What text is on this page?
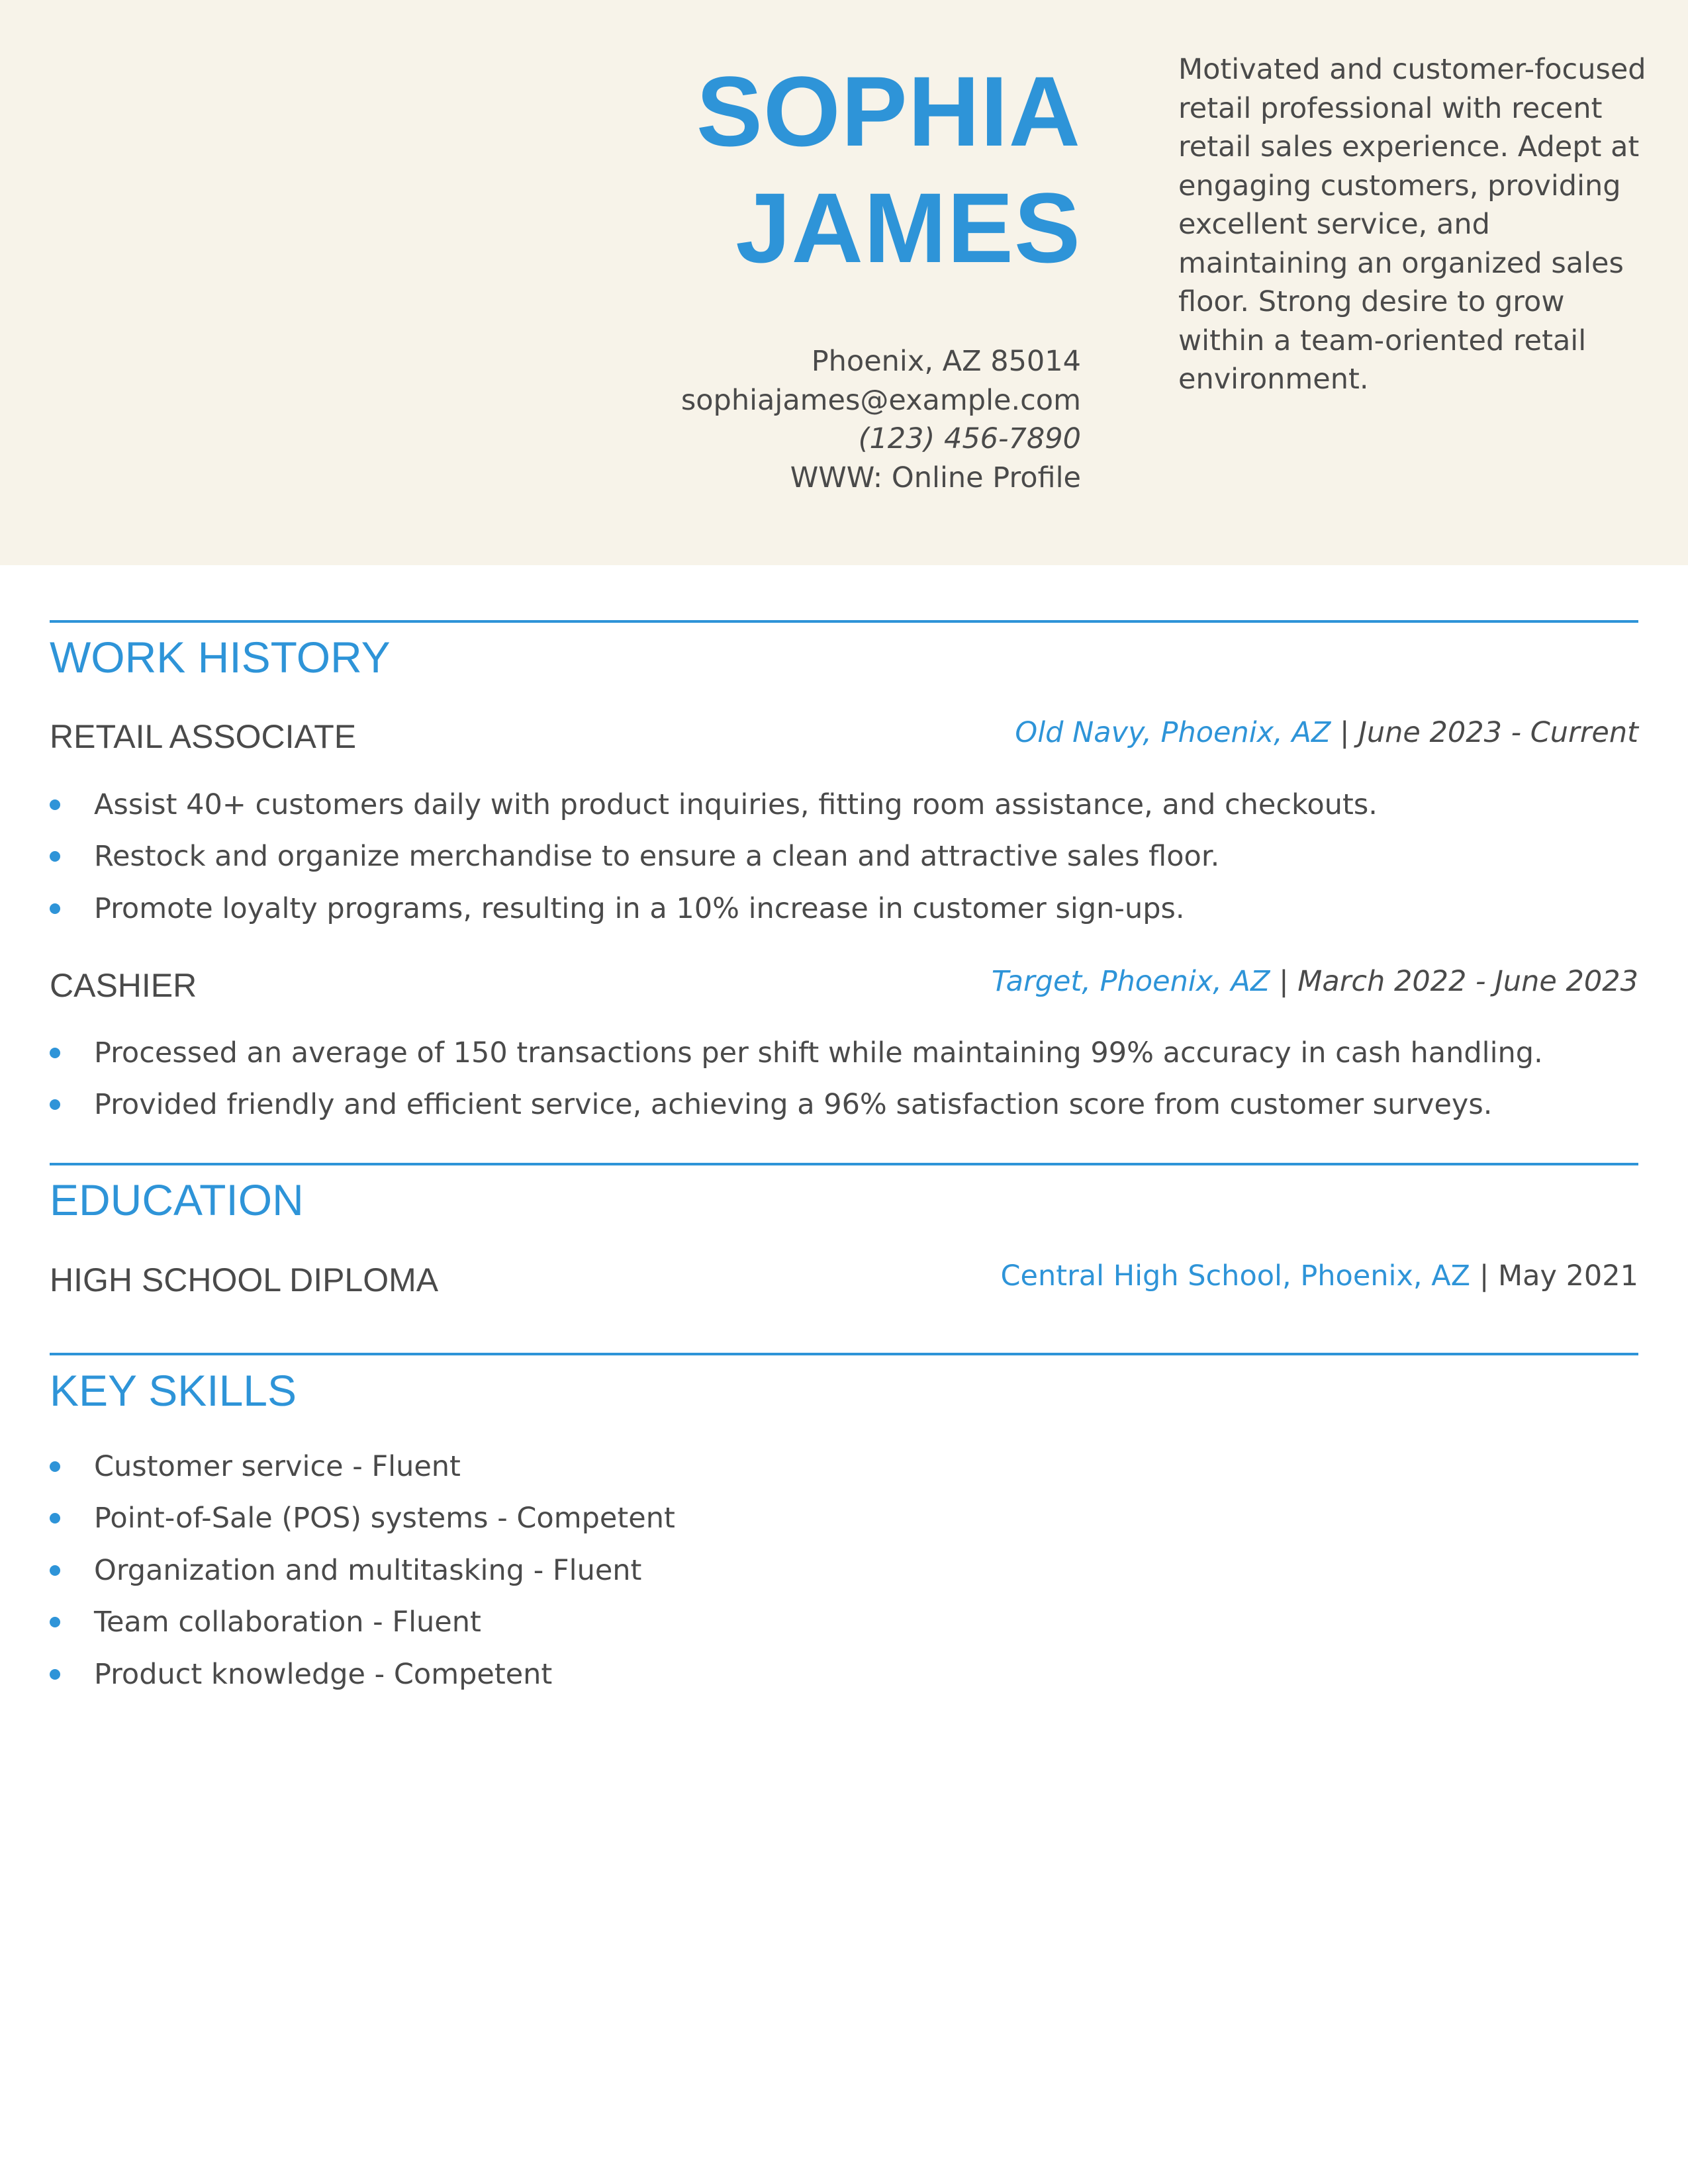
SOPHIA
JAMES
Phoenix, AZ 85014
sophiajames@example.com
(123) 456-7890
WWW: Online Profile
Motivated and customer-focused retail professional with recent retail sales experience. Adept at engaging customers, providing excellent service, and maintaining an organized sales floor. Strong desire to grow within a team-oriented retail environment.
WORK HISTORY
RETAIL ASSOCIATE	Old Navy, Phoenix, AZ | June 2023 - Current
Assist 40+ customers daily with product inquiries, fitting room assistance, and checkouts.
Restock and organize merchandise to ensure a clean and attractive sales floor.
Promote loyalty programs, resulting in a 10% increase in customer sign-ups.
CASHIER	Target, Phoenix, AZ | March 2022 - June 2023
Processed an average of 150 transactions per shift while maintaining 99% accuracy in cash handling.
Provided friendly and efficient service, achieving a 96% satisfaction score from customer surveys.
EDUCATION
HIGH SCHOOL DIPLOMA	Central High School, Phoenix, AZ | May 2021
KEY SKILLS
Customer service - Fluent
Point-of-Sale (POS) systems - Competent
Organization and multitasking - Fluent
Team collaboration - Fluent
Product knowledge - Competent
